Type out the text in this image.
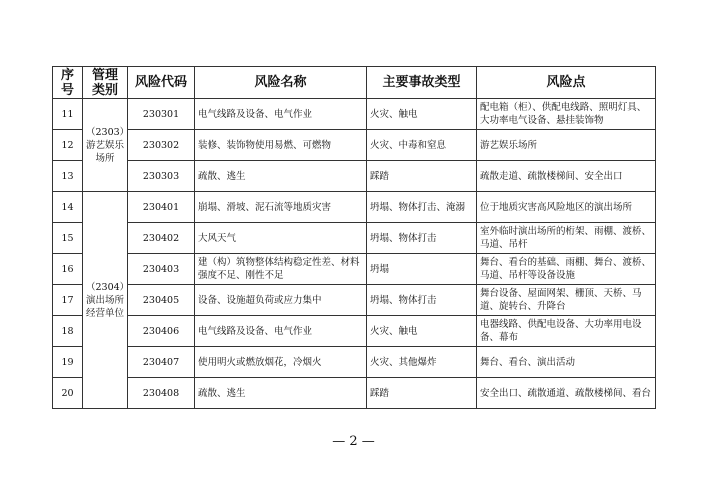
序号	管理类别	风险代码	风险名称	主要事故类型	风险点
11	（2303）游艺娱乐场所	230301	电气线路及设备、电气作业	火灾、触电	配电箱（柜）、供配电线路、照明灯具、大功率电气设备、悬挂装饰物
12		230302	装修、装饰物使用易燃、可燃物	火灾、中毒和窒息	游艺娱乐场所
13		230303	疏散、逃生	踩踏	疏散走道、疏散楼梯间、安全出口
14	（2304）演出场所经营单位	230401	崩塌、滑坡、泥石流等地质灾害	坍塌、物体打击、淹溺	位于地质灾害高风险地区的演出场所
15		230402	大风天气	坍塌、物体打击	室外临时演出场所的桁架、雨棚、渡桥、马道、吊杆
16		230403	建（构）筑物整体结构稳定性差、材料强度不足、刚性不足	坍塌	舞台、看台的基础、雨棚、舞台、渡桥、马道、吊杆等设备设施
17		230405	设备、设施超负荷或应力集中	坍塌、物体打击	舞台设备、屋面网架、栅顶、天桥、马道、旋转台、升降台
18		230406	电气线路及设备、电气作业	火灾、触电	电器线路、供配电设备、大功率用电设备、幕布
19		230407	使用明火或燃放烟花，冷烟火	火灾、其他爆炸	舞台、看台、演出活动
20		230408	疏散、逃生	踩踏	安全出口、疏散通道、疏散楼梯间、看台
— 2 —
